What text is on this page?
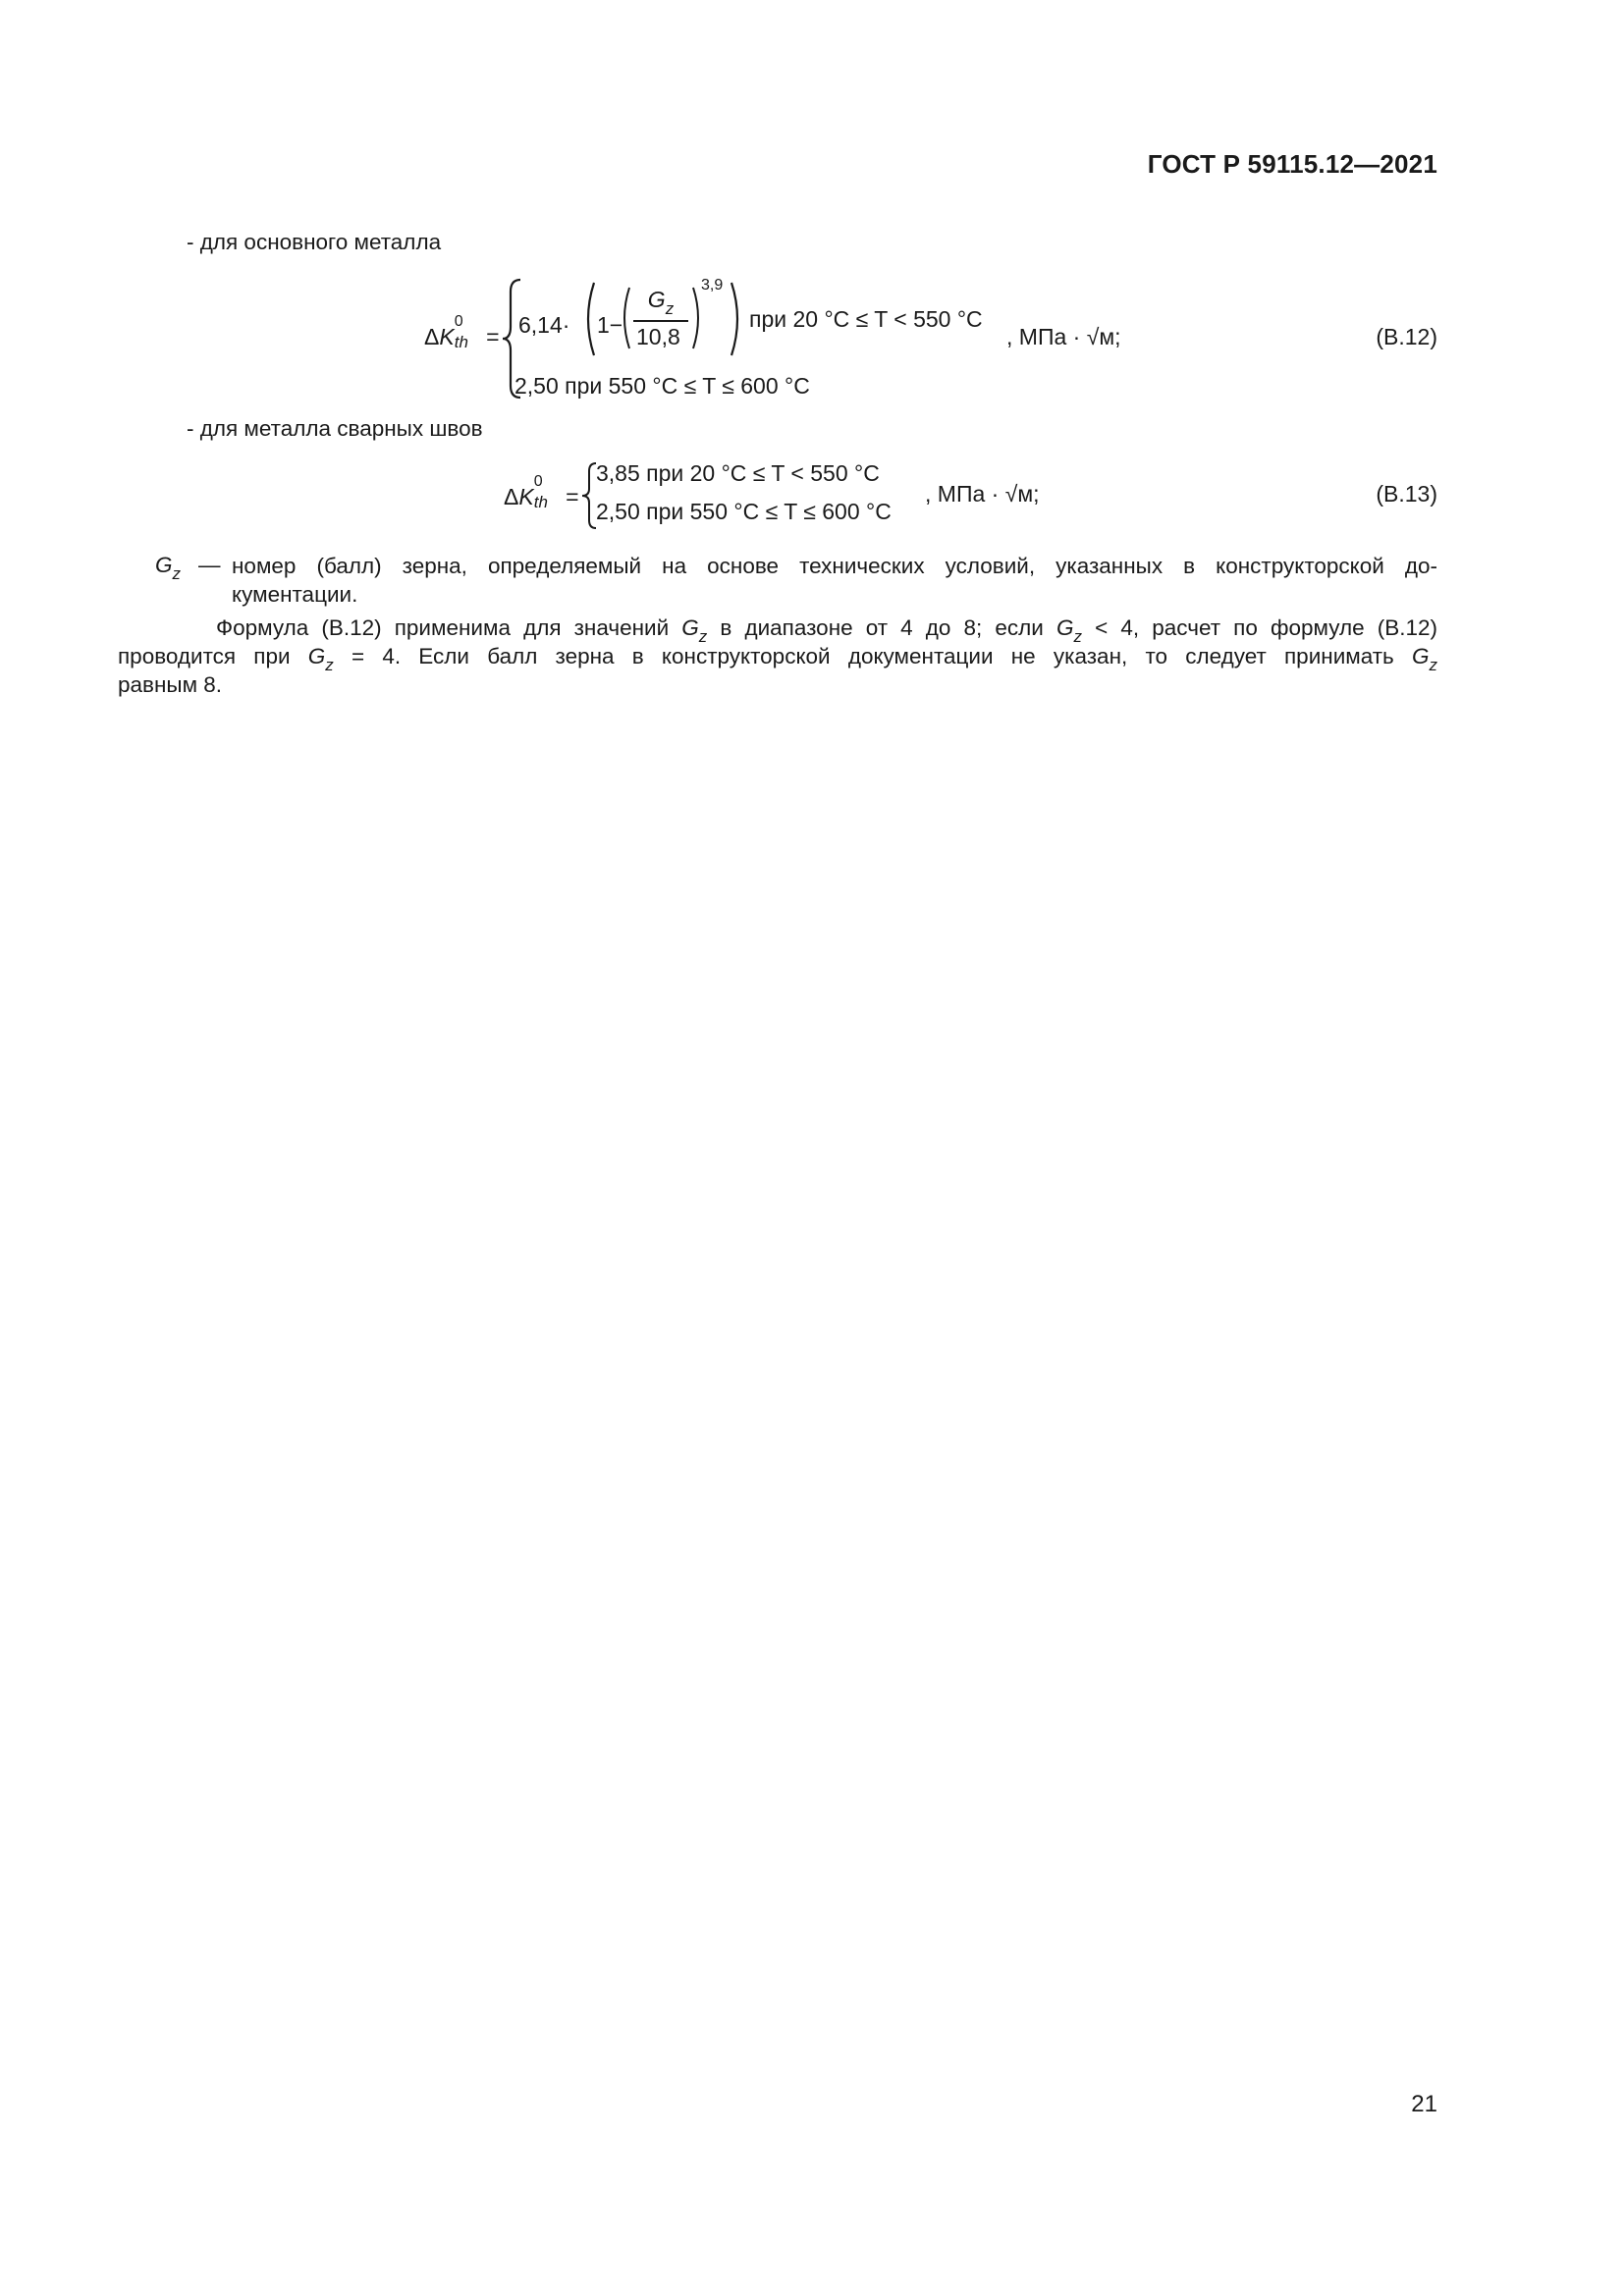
ГОСТ Р 59115.12—2021
- для основного металла
ΔK
0
th = 6,14· 1−
Gz
10,8
3,9
при 20 °C ≤ T < 550 °C
, МПа · √м;
2,50 при 550 °C ≤ T ≤ 600 °C
(В.12)
- для металла сварных швов
ΔK
0
th =
3,85 при 20 °C ≤ T < 550 °C
2,50 при 550 °C ≤ T ≤ 600 °C
, МПа · √м;	(В.13)
$G_z$ — номер (балл) зерна, определяемый на основе технических условий, указанных в конструкторской до-
кументации.
Формула (В.12) применима для значений $G_z$ в диапазоне от 4 до 8; если $G_z < 4$, расчет по формуле (В.12)
проводится при $G_z = 4$. Если балл зерна в конструкторской документации не указан, то следует принимать $G_z$
равным 8.
21
